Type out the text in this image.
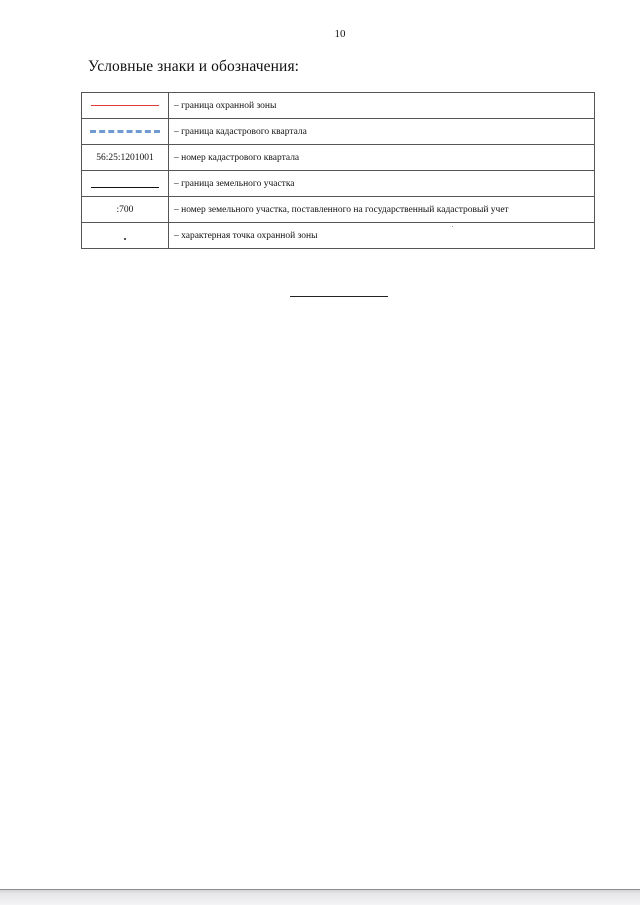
10
Условные знаки и обозначения:
	– граница охранной зоны
	– граница кадастрового квартала
56:25:1201001	– номер кадастрового квартала
	– граница земельного участка
:700	– номер земельного участка, поставленного на государственный кадастровый учет
	– характерная точка охранной зоны
